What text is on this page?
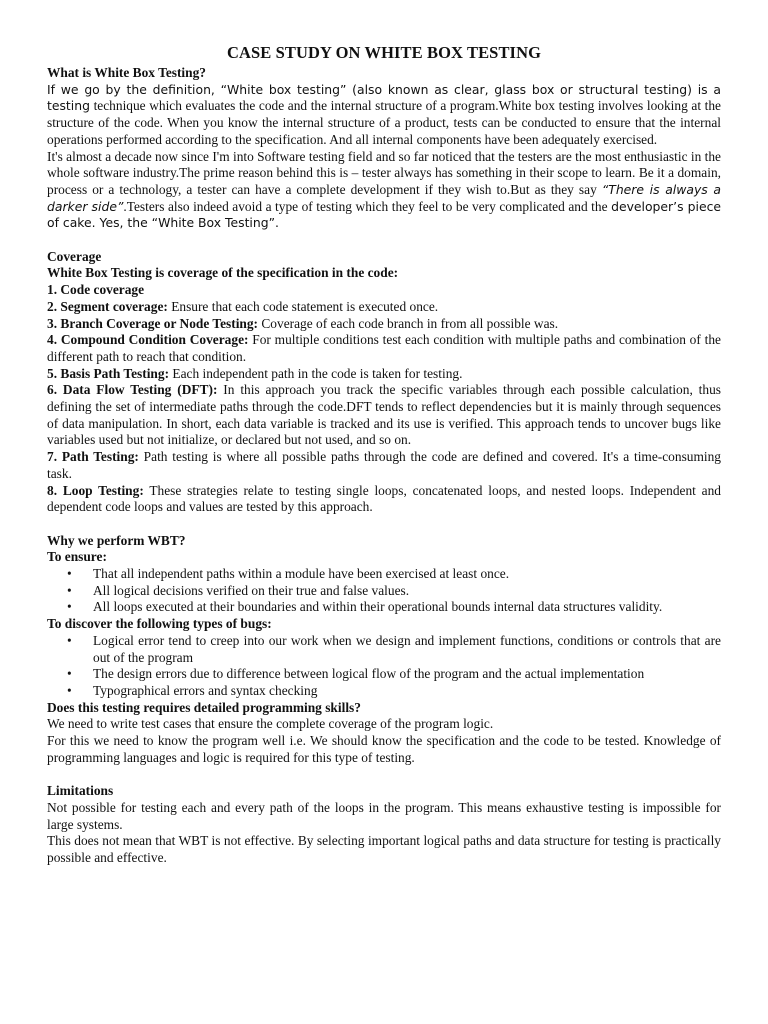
CASE STUDY ON WHITE BOX TESTING
What is White Box Testing?

If we go by the definition, “White box testing” (also known as clear, glass box or structural testing) is a testing technique which evaluates the code and the internal structure of a program.White box testing involves looking at the structure of the code. When you know the internal structure of a product, tests can be conducted to ensure that the internal operations performed according to the specification. And all internal components have been adequately exercised.

It's almost a decade now since I'm into Software testing field and so far noticed that the testers are the most enthusiastic in the whole software industry.The prime reason behind this is – tester always has something in their scope to learn. Be it a domain, process or a technology, a tester can have a complete development if they wish to.But as they say “There is always a darker side”.Testers also indeed avoid a type of testing which they feel to be very complicated and the developer’s piece of cake. Yes, the “White Box Testing”.

Coverage
White Box Testing is coverage of the specification in the code:

1. Code coverage

2. Segment coverage: Ensure that each code statement is executed once.

3. Branch Coverage or Node Testing: Coverage of each code branch in from all possible was.

4. Compound Condition Coverage: For multiple conditions test each condition with multiple paths and combination of the different path to reach that condition.

5. Basis Path Testing: Each independent path in the code is taken for testing.

6. Data Flow Testing (DFT): In this approach you track the specific variables through each possible calculation, thus defining the set of intermediate paths through the code.DFT tends to reflect dependencies but it is mainly through sequences of data manipulation. In short, each data variable is tracked and its use is verified. This approach tends to uncover bugs like variables used but not initialize, or declared but not used, and so on.

7. Path Testing: Path testing is where all possible paths through the code are defined and covered. It's a time-consuming task.

8. Loop Testing: These strategies relate to testing single loops, concatenated loops, and nested loops. Independent and dependent code loops and values are tested by this approach.

Why we perform WBT?
To ensure:
• That all independent paths within a module have been exercised at least once.
• All logical decisions verified on their true and false values.
• All loops executed at their boundaries and within their operational bounds internal data structures validity.
To discover the following types of bugs:
• Logical error tend to creep into our work when we design and implement functions, conditions or controls that are out of the program
• The design errors due to difference between logical flow of the program and the actual implementation
• Typographical errors and syntax checking
Does this testing requires detailed programming skills?

We need to write test cases that ensure the complete coverage of the program logic.

For this we need to know the program well i.e. We should know the specification and the code to be tested. Knowledge of programming languages and logic is required for this type of testing.

Limitations

Not possible for testing each and every path of the loops in the program. This means exhaustive testing is impossible for large systems.

This does not mean that WBT is not effective. By selecting important logical paths and data structure for testing is practically possible and effective.
